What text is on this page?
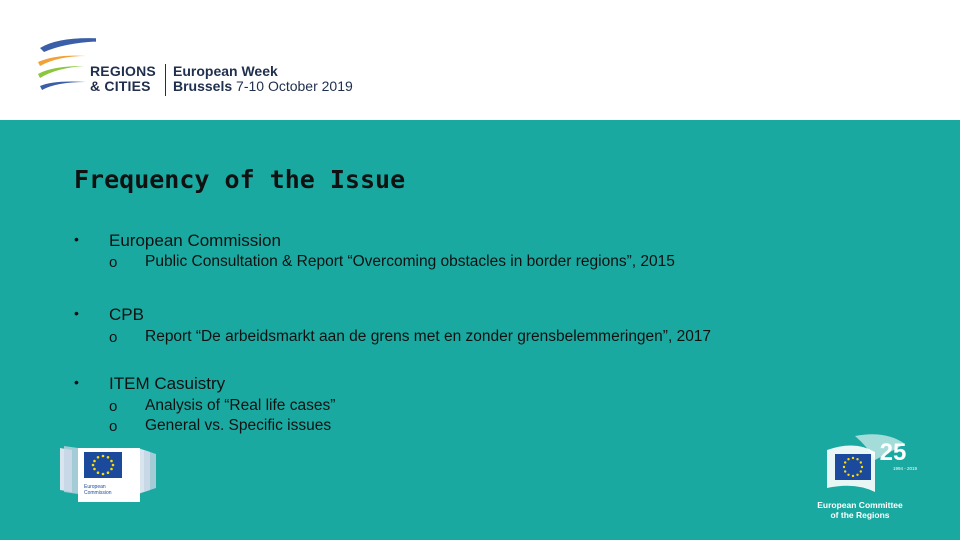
REGIONS
& CITIES
European Week
Brussels 7-10 October 2019
Frequency of the Issue
• European Commission
o Public Consultation & Report “Overcoming obstacles in border regions”, 2015
• CPB
o Report “De arbeidsmarkt aan de grens met en zonder grensbelemmeringen”, 2017
• ITEM Casuistry
o Analysis of “Real life cases”
o General vs. Specific issues
European
Commission
25
1994 - 2019
European Committee
of the Regions
